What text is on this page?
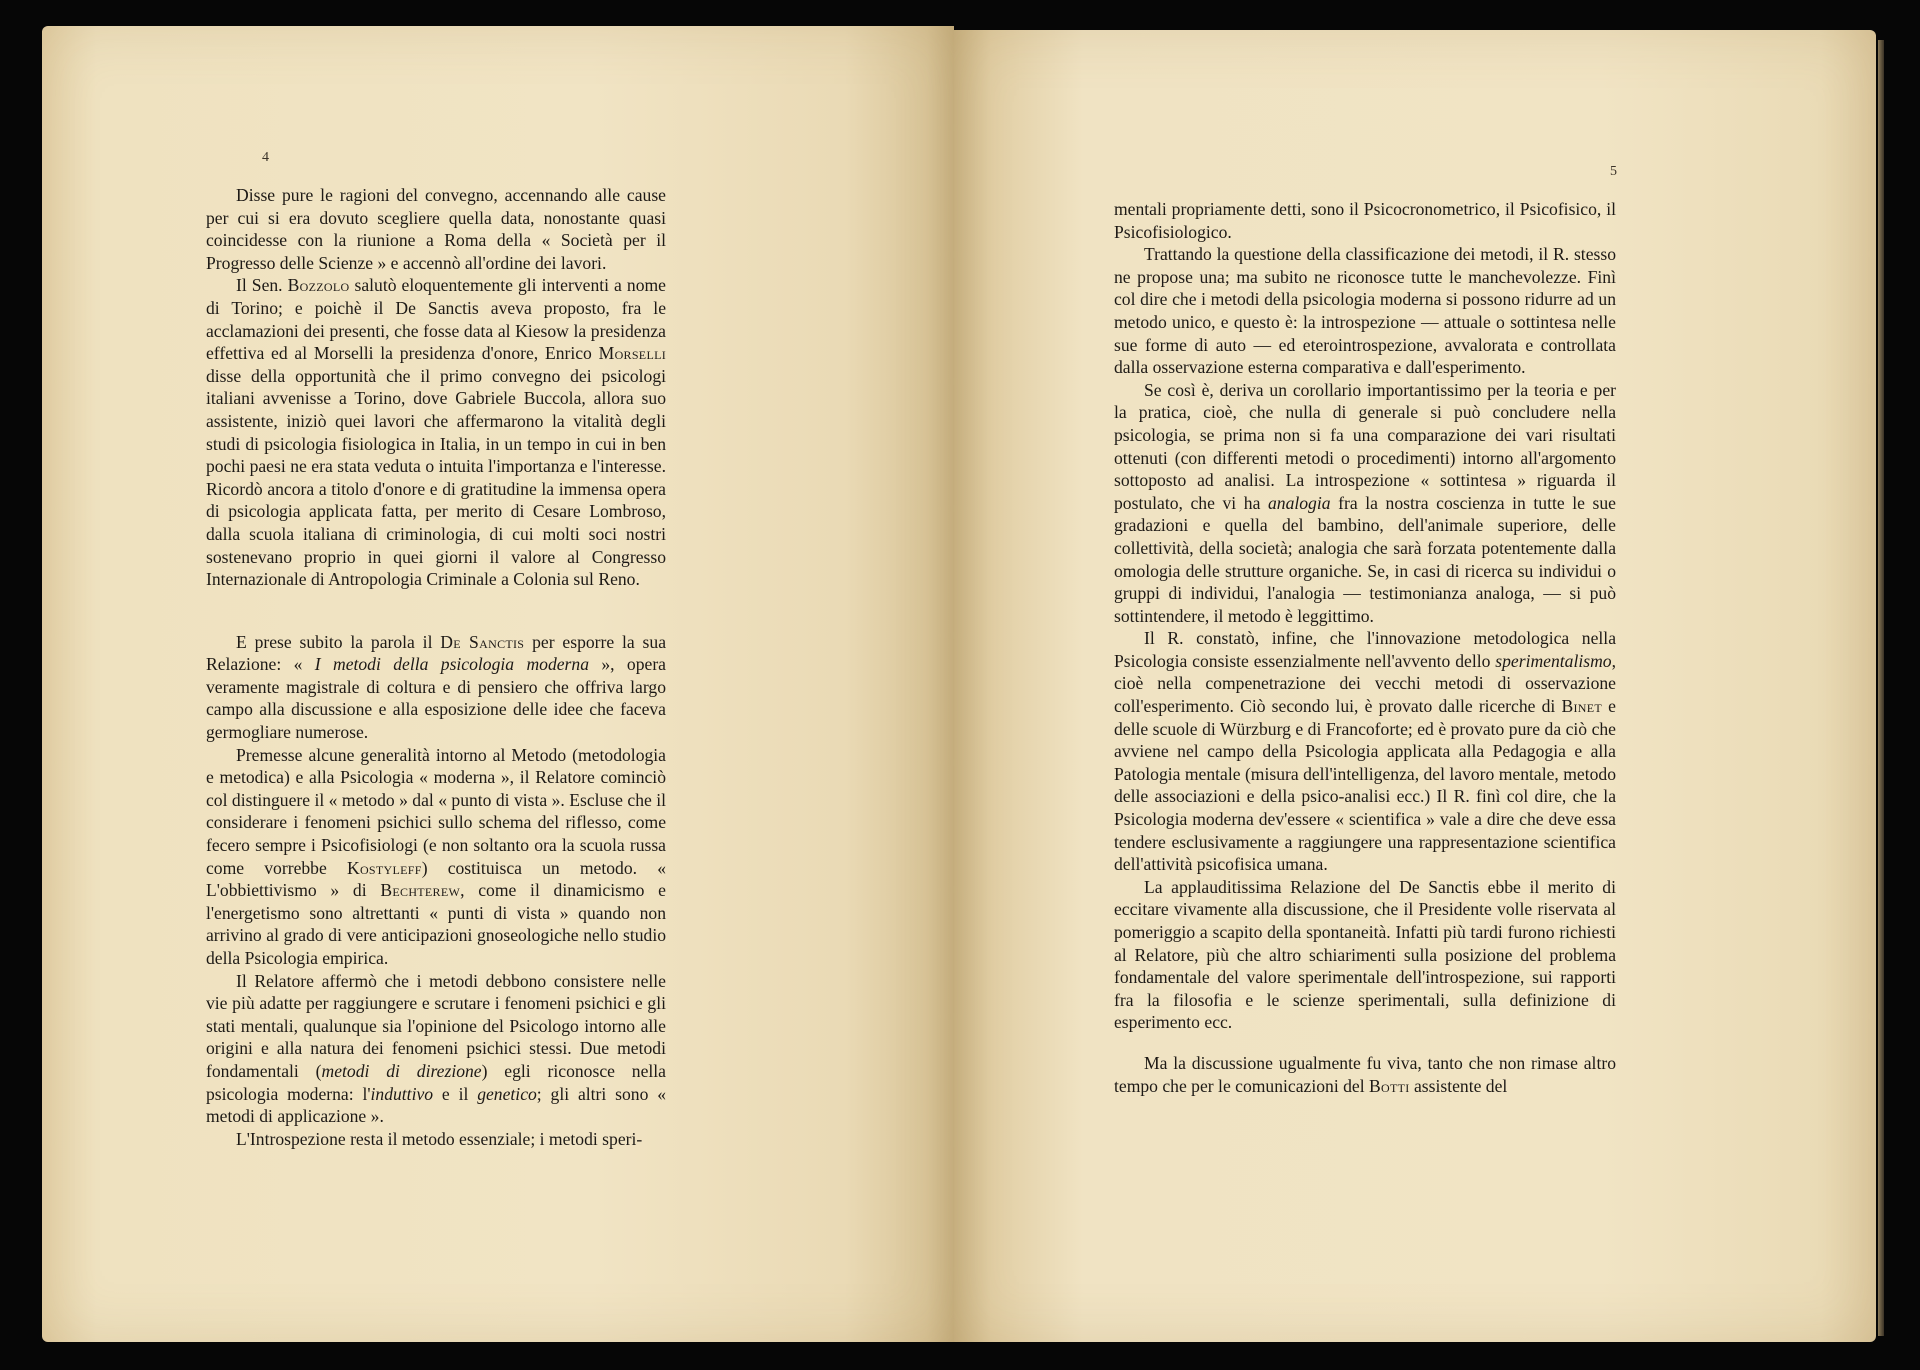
4

Disse pure le ragioni del convegno, accennando alle cause per cui si era dovuto scegliere quella data, nonostante quasi coincidesse con la riunione a Roma della « Società per il Progresso delle Scienze » e accennò all'ordine dei lavori.

Il Sen. Bozzolo salutò eloquentemente gli interventi a nome di Torino; e poichè il De Sanctis aveva proposto, fra le acclamazioni dei presenti, che fosse data al Kiesow la presidenza effettiva ed al Morselli la presidenza d'onore, Enrico Morselli disse della opportunità che il primo convegno dei psicologi italiani avvenisse a Torino, dove Gabriele Buccola, allora suo assistente, iniziò quei lavori che affermarono la vitalità degli studi di psicologia fisiologica in Italia, in un tempo in cui in ben pochi paesi ne era stata veduta o intuita l'importanza e l'interesse. Ricordò ancora a titolo d'onore e di gratitudine la immensa opera di psicologia applicata fatta, per merito di Cesare Lombroso, dalla scuola italiana di criminologia, di cui molti soci nostri sostenevano proprio in quei giorni il valore al Congresso Internazionale di Antropologia Criminale a Colonia sul Reno.

E prese subito la parola il De Sanctis per esporre la sua Relazione: « I metodi della psicologia moderna », opera veramente magistrale di coltura e di pensiero che offriva largo campo alla discussione e alla esposizione delle idee che faceva germogliare numerose.

Premesse alcune generalità intorno al Metodo (metodologia e metodica) e alla Psicologia « moderna », il Relatore cominciò col distinguere il « metodo » dal « punto di vista ». Escluse che il considerare i fenomeni psichici sullo schema del riflesso, come fecero sempre i Psicofisiologi (e non soltanto ora la scuola russa come vorrebbe Kostyleff) costituisca un metodo. « L'obbiettivismo » di Bechterew, come il dinamicismo e l'energetismo sono altrettanti « punti di vista » quando non arrivino al grado di vere anticipazioni gnoseologiche nello studio della Psicologia empirica.

Il Relatore affermò che i metodi debbono consistere nelle vie più adatte per raggiungere e scrutare i fenomeni psichici e gli stati mentali, qualunque sia l'opinione del Psicologo intorno alle origini e alla natura dei fenomeni psichici stessi. Due metodi fondamentali (metodi di direzione) egli riconosce nella psicologia moderna: l'induttivo e il genetico; gli altri sono « metodi di applicazione ».

L'Introspezione resta il metodo essenziale; i metodi speri-

5

mentali propriamente detti, sono il Psicocronometrico, il Psicofisico, il Psicofisiologico.

Trattando la questione della classificazione dei metodi, il R. stesso ne propose una; ma subito ne riconosce tutte le manchevolezze. Finì col dire che i metodi della psicologia moderna si possono ridurre ad un metodo unico, e questo è: la introspezione — attuale o sottintesa nelle sue forme di auto — ed eterointrospezione, avvalorata e controllata dalla osservazione esterna comparativa e dall'esperimento.

Se così è, deriva un corollario importantissimo per la teoria e per la pratica, cioè, che nulla di generale si può concludere nella psicologia, se prima non si fa una comparazione dei vari risultati ottenuti (con differenti metodi o procedimenti) intorno all'argomento sottoposto ad analisi. La introspezione « sottintesa » riguarda il postulato, che vi ha analogia fra la nostra coscienza in tutte le sue gradazioni e quella del bambino, dell'animale superiore, delle collettività, della società; analogia che sarà forzata potentemente dalla omologia delle strutture organiche. Se, in casi di ricerca su individui o gruppi di individui, l'analogia — testimonianza analoga, — si può sottintendere, il metodo è leggittimo.

Il R. constatò, infine, che l'innovazione metodologica nella Psicologia consiste essenzialmente nell'avvento dello sperimentalismo, cioè nella compenetrazione dei vecchi metodi di osservazione coll'esperimento. Ciò secondo lui, è provato dalle ricerche di Binet e delle scuole di Würzburg e di Francoforte; ed è provato pure da ciò che avviene nel campo della Psicologia applicata alla Pedagogia e alla Patologia mentale (misura dell'intelligenza, del lavoro mentale, metodo delle associazioni e della psico-analisi ecc.) Il R. finì col dire, che la Psicologia moderna dev'essere « scientifica » vale a dire che deve essa tendere esclusivamente a raggiungere una rappresentazione scientifica dell'attività psicofisica umana.

La applauditissima Relazione del De Sanctis ebbe il merito di eccitare vivamente alla discussione, che il Presidente volle riservata al pomeriggio a scapito della spontaneità. Infatti più tardi furono richiesti al Relatore, più che altro schiarimenti sulla posizione del problema fondamentale del valore sperimentale dell'introspezione, sui rapporti fra la filosofia e le scienze sperimentali, sulla definizione di esperimento ecc.

Ma la discussione ugualmente fu viva, tanto che non rimase altro tempo che per le comunicazioni del Botti assistente del
